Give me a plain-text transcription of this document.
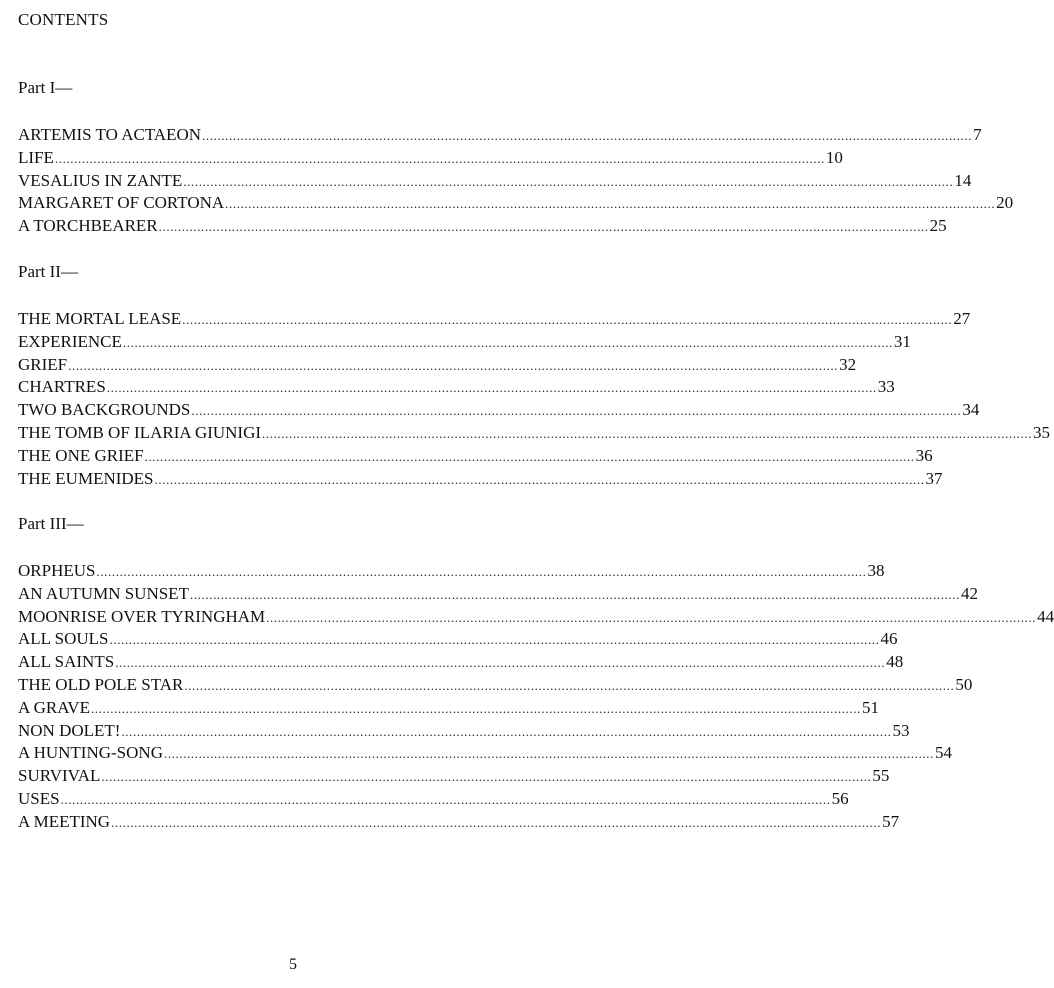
CONTENTS
Part I—
ARTEMIS TO ACTAEON ........................................................................................................................................................................................................ 7
LIFE ........................................................................................................................................................................................................ 10
VESALIUS IN ZANTE ........................................................................................................................................................................................................ 14
MARGARET OF CORTONA ........................................................................................................................................................................................................ 20
A TORCHBEARER ........................................................................................................................................................................................................ 25
Part II—
THE MORTAL LEASE ........................................................................................................................................................................................................ 27
EXPERIENCE ........................................................................................................................................................................................................ 31
GRIEF ........................................................................................................................................................................................................ 32
CHARTRES ........................................................................................................................................................................................................ 33
TWO BACKGROUNDS ........................................................................................................................................................................................................ 34
THE TOMB OF ILARIA GIUNIGI ........................................................................................................................................................................................................ 35
THE ONE GRIEF ........................................................................................................................................................................................................ 36
THE EUMENIDES ........................................................................................................................................................................................................ 37
Part III—
ORPHEUS ........................................................................................................................................................................................................ 38
AN AUTUMN SUNSET ........................................................................................................................................................................................................ 42
MOONRISE OVER TYRINGHAM ........................................................................................................................................................................................................ 44
ALL SOULS ........................................................................................................................................................................................................ 46
ALL SAINTS ........................................................................................................................................................................................................ 48
THE OLD POLE STAR ........................................................................................................................................................................................................ 50
A GRAVE ........................................................................................................................................................................................................ 51
NON DOLET! ........................................................................................................................................................................................................ 53
A HUNTING-SONG ........................................................................................................................................................................................................ 54
SURVIVAL ........................................................................................................................................................................................................ 55
USES ........................................................................................................................................................................................................ 56
A MEETING ........................................................................................................................................................................................................ 57
5
